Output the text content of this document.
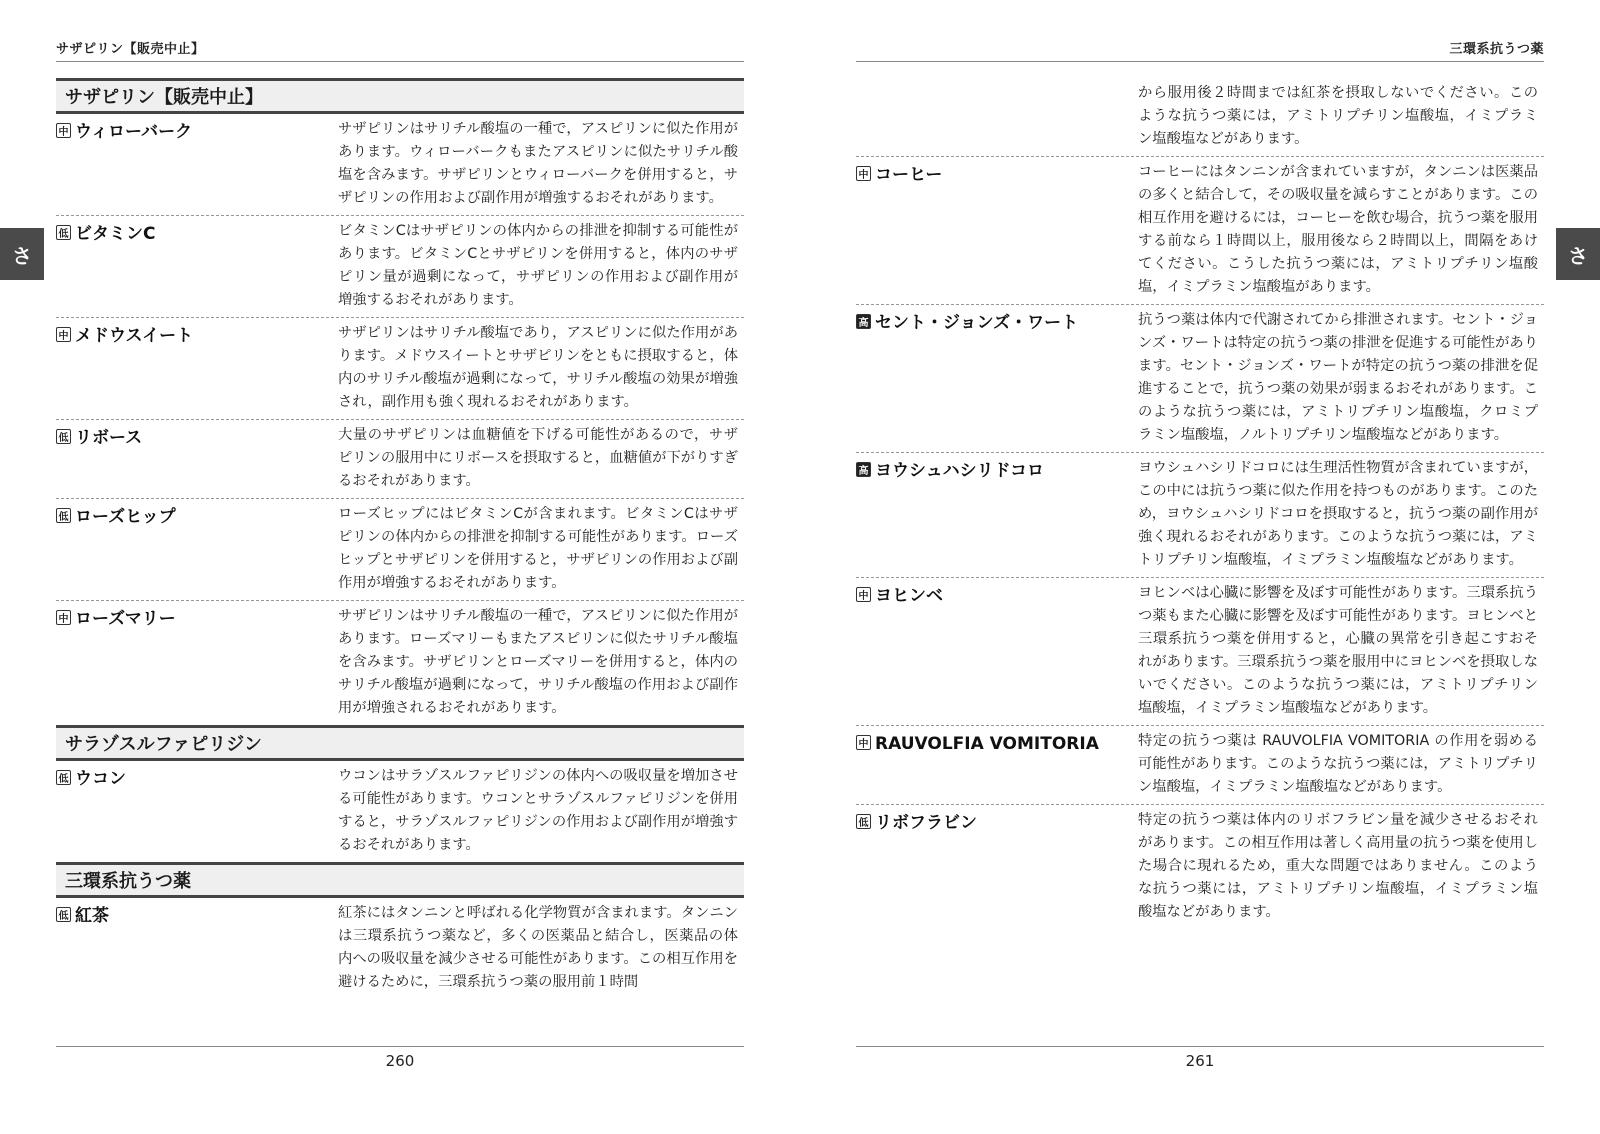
サザピリン【販売中止】
さ
サザピリン【販売中止】
中 ウィローバーク	サザピリンはサリチル酸塩の一種で，アスピリンに似た作用があります。ウィローバークもまたアスピリンに似たサリチル酸塩を含みます。サザピリンとウィローバークを併用すると，サザピリンの作用および副作用が増強するおそれがあります。

低 ビタミンC	ビタミンCはサザピリンの体内からの排泄を抑制する可能性があります。ビタミンCとサザピリンを併用すると，体内のサザピリン量が過剰になって，サザピリンの作用および副作用が増強するおそれがあります。

中 メドウスイート	サザピリンはサリチル酸塩であり，アスピリンに似た作用があります。メドウスイートとサザピリンをともに摂取すると，体内のサリチル酸塩が過剰になって，サリチル酸塩の効果が増強され，副作用も強く現れるおそれがあります。

低 リボース	大量のサザピリンは血糖値を下げる可能性があるので，サザピリンの服用中にリボースを摂取すると，血糖値が下がりすぎるおそれがあります。

低 ローズヒップ	ローズヒップにはビタミンCが含まれます。ビタミンCはサザピリンの体内からの排泄を抑制する可能性があります。ローズヒップとサザピリンを併用すると，サザピリンの作用および副作用が増強するおそれがあります。

中 ローズマリー	サザピリンはサリチル酸塩の一種で，アスピリンに似た作用があります。ローズマリーもまたアスピリンに似たサリチル酸塩を含みます。サザピリンとローズマリーを併用すると，体内のサリチル酸塩が過剰になって，サリチル酸塩の作用および副作用が増強されるおそれがあります。

サラゾスルファピリジン
低 ウコン	ウコンはサラゾスルファピリジンの体内への吸収量を増加させる可能性があります。ウコンとサラゾスルファピリジンを併用すると，サラゾスルファピリジンの作用および副作用が増強するおそれがあります。

三環系抗うつ薬
低 紅茶	紅茶にはタンニンと呼ばれる化学物質が含まれます。タンニンは三環系抗うつ薬など，多くの医薬品と結合し，医薬品の体内への吸収量を減少させる可能性があります。この相互作用を避けるために，三環系抗うつ薬の服用前１時間

260
三環系抗うつ薬
さ

から服用後２時間までは紅茶を摂取しないでください。このような抗うつ薬には，アミトリプチリン塩酸塩，イミプラミン塩酸塩などがあります。

中 コーヒー	コーヒーにはタンニンが含まれていますが，タンニンは医薬品の多くと結合して，その吸収量を減らすことがあります。この相互作用を避けるには，コーヒーを飲む場合，抗うつ薬を服用する前なら１時間以上，服用後なら２時間以上，間隔をあけてください。こうした抗うつ薬には，アミトリプチリン塩酸塩，イミプラミン塩酸塩があります。

高 セント・ジョンズ・ワート	抗うつ薬は体内で代謝されてから排泄されます。セント・ジョンズ・ワートは特定の抗うつ薬の排泄を促進する可能性があります。セント・ジョンズ・ワートが特定の抗うつ薬の排泄を促進することで，抗うつ薬の効果が弱まるおそれがあります。このような抗うつ薬には，アミトリプチリン塩酸塩，クロミプラミン塩酸塩，ノルトリプチリン塩酸塩などがあります。

高 ヨウシュハシリドコロ	ヨウシュハシリドコロには生理活性物質が含まれていますが，この中には抗うつ薬に似た作用を持つものがあります。このため，ヨウシュハシリドコロを摂取すると，抗うつ薬の副作用が強く現れるおそれがあります。このような抗うつ薬には，アミトリプチリン塩酸塩，イミプラミン塩酸塩などがあります。

中 ヨヒンベ	ヨヒンベは心臓に影響を及ぼす可能性があります。三環系抗うつ薬もまた心臓に影響を及ぼす可能性があります。ヨヒンベと三環系抗うつ薬を併用すると，心臓の異常を引き起こすおそれがあります。三環系抗うつ薬を服用中にヨヒンベを摂取しないでください。このような抗うつ薬には，アミトリプチリン塩酸塩，イミプラミン塩酸塩などがあります。

中 RAUVOLFIA VOMITORIA	特定の抗うつ薬は RAUVOLFIA VOMITORIA の作用を弱める可能性があります。このような抗うつ薬には，アミトリプチリン塩酸塩，イミプラミン塩酸塩などがあります。

低 リボフラビン	特定の抗うつ薬は体内のリボフラビン量を減少させるおそれがあります。この相互作用は著しく高用量の抗うつ薬を使用した場合に現れるため，重大な問題ではありません。このような抗うつ薬には，アミトリプチリン塩酸塩，イミプラミン塩酸塩などがあります。

261
